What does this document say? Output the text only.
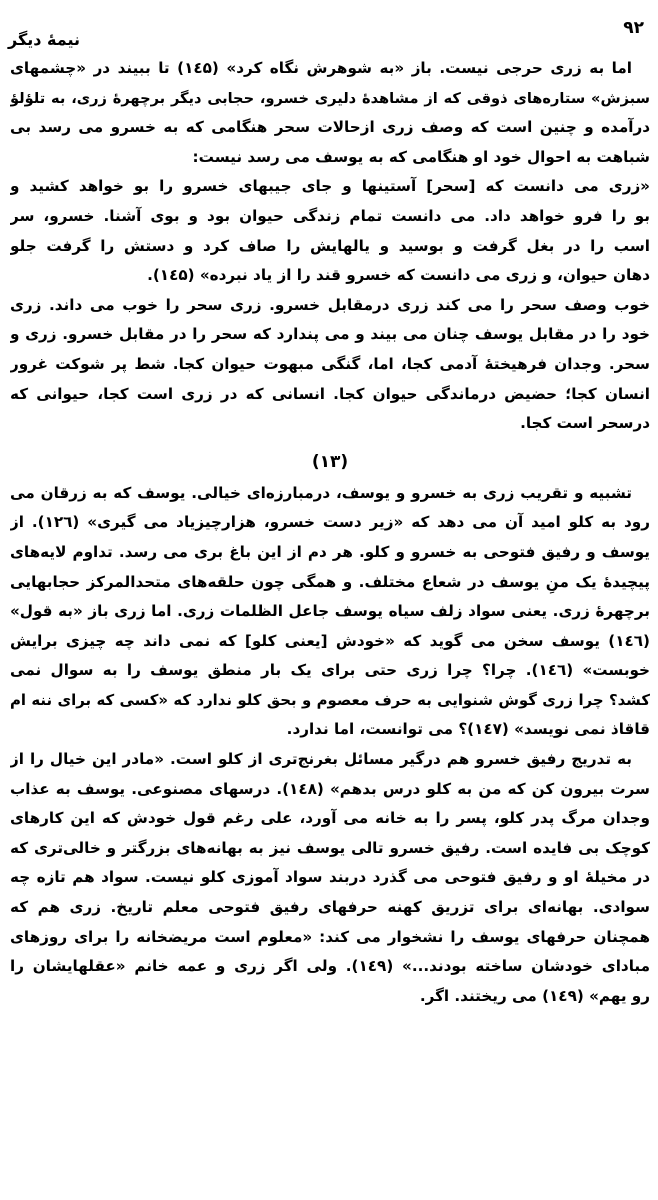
۹۲
نيمهٔ ديگر
اما به زری حرجی نيست. باز «به شوهرش نگاه کرد» (۱٤۵) تا ببيند در «چشمهای
سبزش» ستاره‌های ذوقی که از مشاهدهٔ دليری خسرو، حجابی ديگر برچهرهٔ زری، به تلؤلؤ
درآمده و چنين است که وصف زری ازحالات سحر هنگامی که به خسرو می رسد بی
شباهت به احوال خود او هنگامی که به يوسف می رسد نيست:
«زری می دانست که [سحر] آستينها و جای جيبهای خسرو را بو خواهد کشيد و
بو را فرو خواهد داد. می دانست تمام زندگی حيوان بود و بوی آشنا. خسرو، سر
اسب را در بغل گرفت و بوسيد و يالهايش را صاف کرد و دستش را گرفت جلو
دهان حيوان، و زری می دانست که خسرو قند را از ياد نبرده» (۱٤۵).
خوب وصف سحر را می کند زری درمقابل خسرو. زری سحر را خوب می داند. زری
خود را در مقابل يوسف چنان می بيند و می پندارد که سحر را در مقابل خسرو. زری و
سحر. وجدان فرهيختهٔ آدمی کجا، اما، گنگی مبهوت حيوان کجا. شط پر شوکت غرور
انسان کجا؛ حضيض درماندگی حيوان کجا. انسانی که در زری است کجا، حيوانی که
درسحر است کجا.
(۱۳)
تشبيه و تقريب زری به خسرو و يوسف، درمبارزه‌ای خيالی. يوسف که به زرقان می
رود به کلو اميد آن می دهد که «زير دست خسرو، هزارچيزياد می گيری» (۱۲٦). از
يوسف و رفيق فتوحی به خسرو و کلو. هر دم از اين باغ بری می رسد. تداوم لايه‌های
پيچيدهٔ يک منِ يوسف در شعاع مختلف. و همگی چون حلقه‌های متحدالمرکز حجابهايی
برچهرهٔ زری. يعنی سواد زلف سياه يوسف جاعل الظلمات زری. اما زری باز «به قول»
(۱٤٦) يوسف سخن می گويد که «خودش [يعنی کلو] که نمی داند چه چيزی برايش
خوبست» (۱٤٦). چرا؟ چرا زری حتی برای يک بار منطق يوسف را به سوال نمی
کشد؟ چرا زری گوش شنوايی به حرف معصوم و بحق کلو ندارد که «کسی که برای ننه ام
قاقاذ نمی نويسد» (۱٤۷)؟ می توانست، اما ندارد.
به تدريج رفيق خسرو هم درگير مسائل بغرنج‌تری از کلو است. «مادر اين خيال را از
سرت بيرون کن که من به کلو درس بدهم» (۱٤۸). درسهای مصنوعی. يوسف به عذاب
وجدان مرگ پدر کلو، پسر را به خانه می آورد، علی رغم قول خودش که اين کارهای
کوچک بی فايده است. رفيق خسرو تالی يوسف نيز به بهانه‌های بزرگتر و خالی‌تری که
در مخيلهٔ او و رفيق فتوحی می گذرد دربند سواد آموزی کلو نيست. سواد هم تازه چه
سوادی. بهانه‌ای برای تزريق کهنه حرفهای رفيق فتوحی معلم تاريخ. زری هم که
همچنان حرفهای يوسف را نشخوار می کند: «معلوم است مريضخانه را برای روزهای
مبادای خودشان ساخته بودند...» (۱٤۹). ولی اگر زری و عمه خانم «عقلهايشان را
رو يهم» (۱٤۹) می ريختند. اگر.
